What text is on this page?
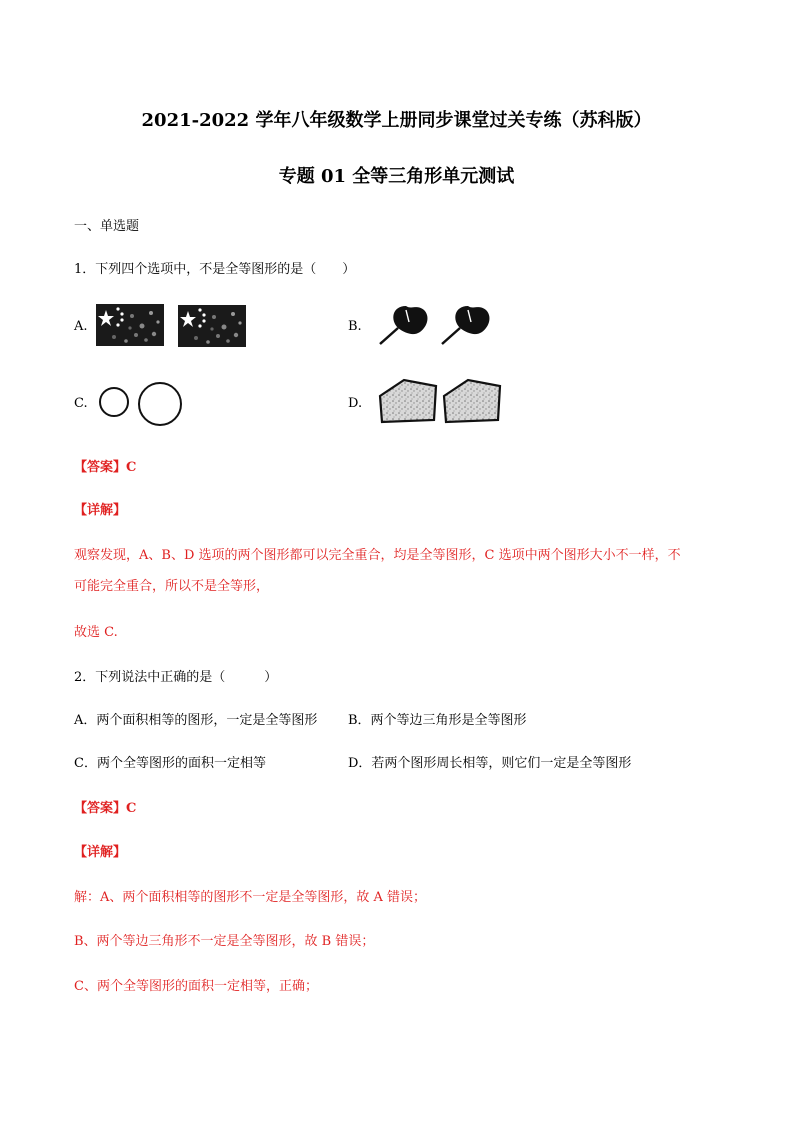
2021-2022 学年八年级数学上册同步课堂过关专练（苏科版）
专题 01 全等三角形单元测试
一、单选题
1．下列四个选项中，不是全等图形的是（　　）
A.	B.
C.	D.
【答案】C
【详解】
观察发现，A、B、D 选项的两个图形都可以完全重合，均是全等图形，C 选项中两个图形大小不一样，不
可能完全重合，所以不是全等形，
故选 C.
2．下列说法中正确的是（　　　）
A．两个面积相等的图形，一定是全等图形 B．两个等边三角形是全等图形
C．两个全等图形的面积一定相等	D．若两个图形周长相等，则它们一定是全等图形
【答案】C
【详解】
解：A、两个面积相等的图形不一定是全等图形，故 A 错误；
B、两个等边三角形不一定是全等图形，故 B 错误；
C、两个全等图形的面积一定相等，正确；
